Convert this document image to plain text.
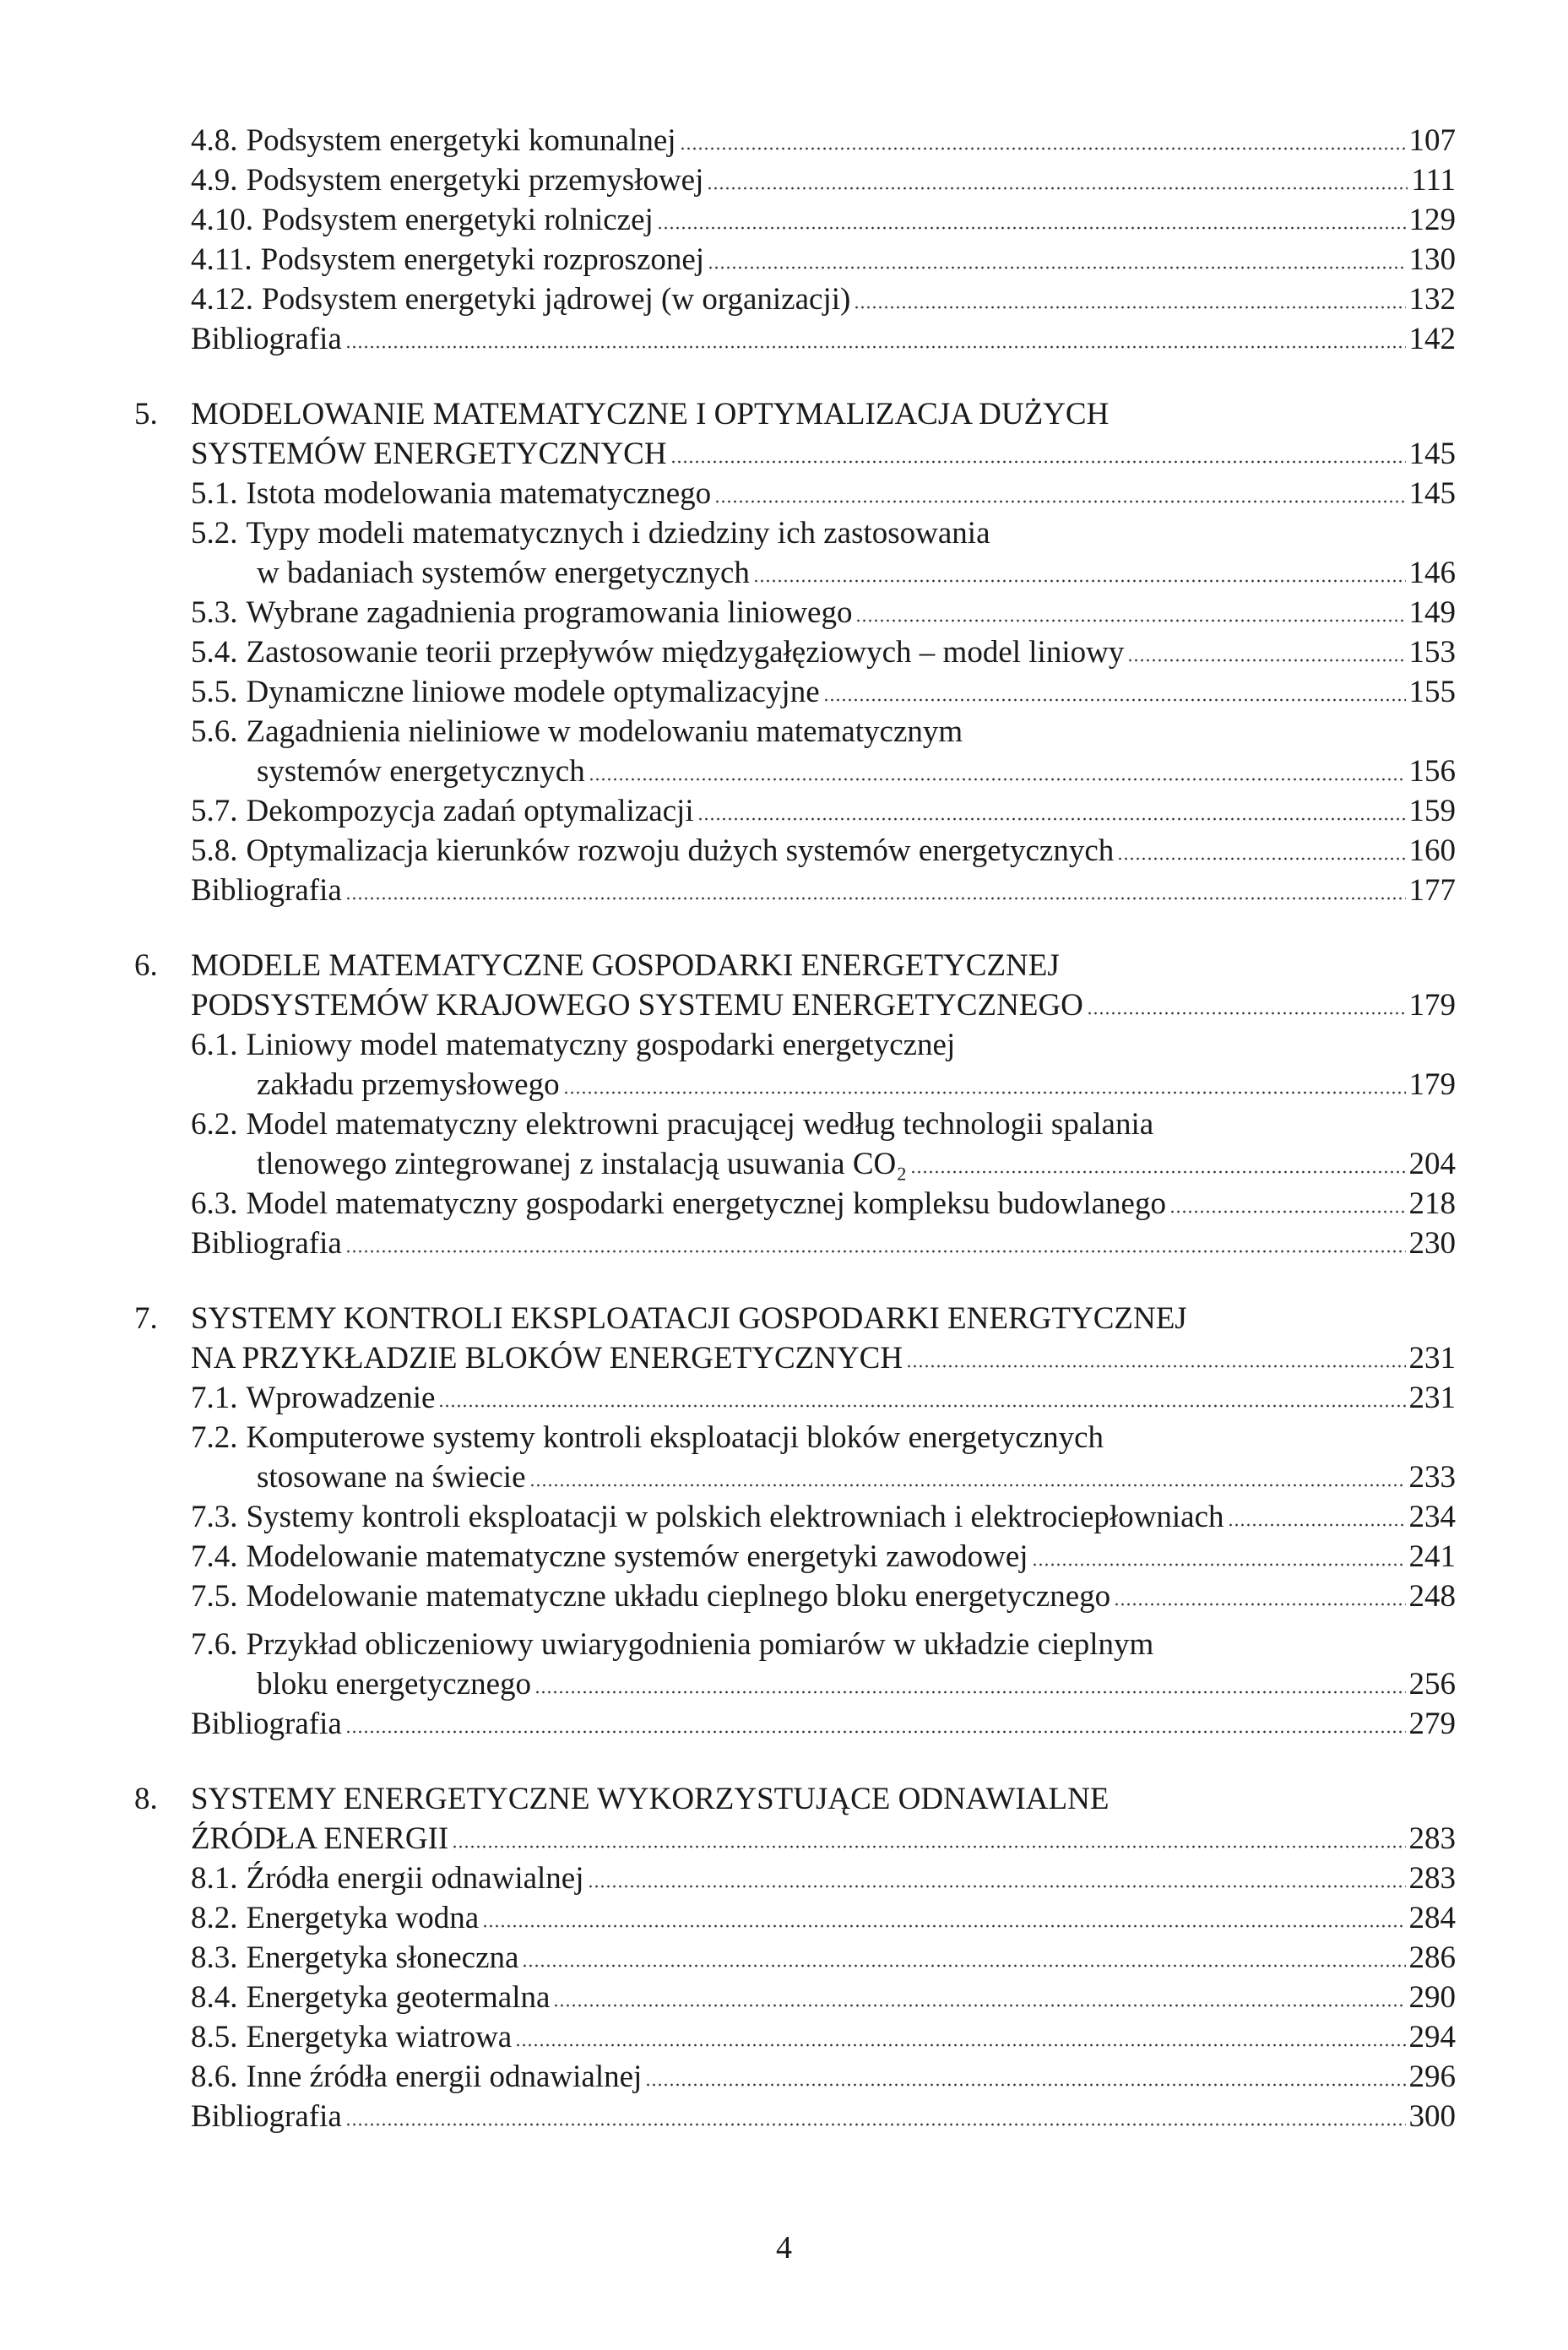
4.8. Podsystem energetyki komunalnej	107
4.9. Podsystem energetyki przemysłowej	111
4.10. Podsystem energetyki rolniczej	129
4.11. Podsystem energetyki rozproszonej	130
4.12. Podsystem energetyki jądrowej (w organizacji)	132
Bibliografia	142
5.	MODELOWANIE MATEMATYCZNE I OPTYMALIZACJA DUŻYCH
SYSTEMÓW ENERGETYCZNYCH	145
5.1. Istota modelowania matematycznego	145
5.2. Typy modeli matematycznych i dziedziny ich zastosowania
w badaniach systemów energetycznych	146
5.3. Wybrane zagadnienia programowania liniowego	149
5.4. Zastosowanie teorii przepływów międzygałęziowych – model liniowy	153
5.5. Dynamiczne liniowe modele optymalizacyjne	155
5.6. Zagadnienia nieliniowe w modelowaniu matematycznym
systemów energetycznych	156
5.7. Dekompozycja zadań optymalizacji	159
5.8. Optymalizacja kierunków rozwoju dużych systemów energetycznych	160
Bibliografia	177
6.	MODELE MATEMATYCZNE GOSPODARKI ENERGETYCZNEJ
PODSYSTEMÓW KRAJOWEGO SYSTEMU ENERGETYCZNEGO	179
6.1. Liniowy model matematyczny gospodarki energetycznej
zakładu przemysłowego	179
6.2. Model matematyczny elektrowni pracującej według technologii spalania
tlenowego zintegrowanej z instalacją usuwania CO₂	204
6.3. Model matematyczny gospodarki energetycznej kompleksu budowlanego	218
Bibliografia	230
7.	SYSTEMY KONTROLI EKSPLOATACJI GOSPODARKI ENERGTYCZNEJ
NA PRZYKŁADZIE BLOKÓW ENERGETYCZNYCH	231
7.1. Wprowadzenie	231
7.2. Komputerowe systemy kontroli eksploatacji bloków energetycznych
stosowane na świecie	233
7.3. Systemy kontroli eksploatacji w polskich elektrowniach i elektrociepłowniach	234
7.4. Modelowanie matematyczne systemów energetyki zawodowej	241
7.5. Modelowanie matematyczne układu cieplnego bloku energetycznego	248
7.6. Przykład obliczeniowy uwiarygodnienia pomiarów w układzie cieplnym
bloku energetycznego	256
Bibliografia	279
8.	SYSTEMY ENERGETYCZNE WYKORZYSTUJĄCE ODNAWIALNE
ŹRÓDŁA ENERGII	283
8.1. Źródła energii odnawialnej	283
8.2. Energetyka wodna	284
8.3. Energetyka słoneczna	286
8.4. Energetyka geotermalna	290
8.5. Energetyka wiatrowa	294
8.6. Inne źródła energii odnawialnej	296
Bibliografia	300
4
